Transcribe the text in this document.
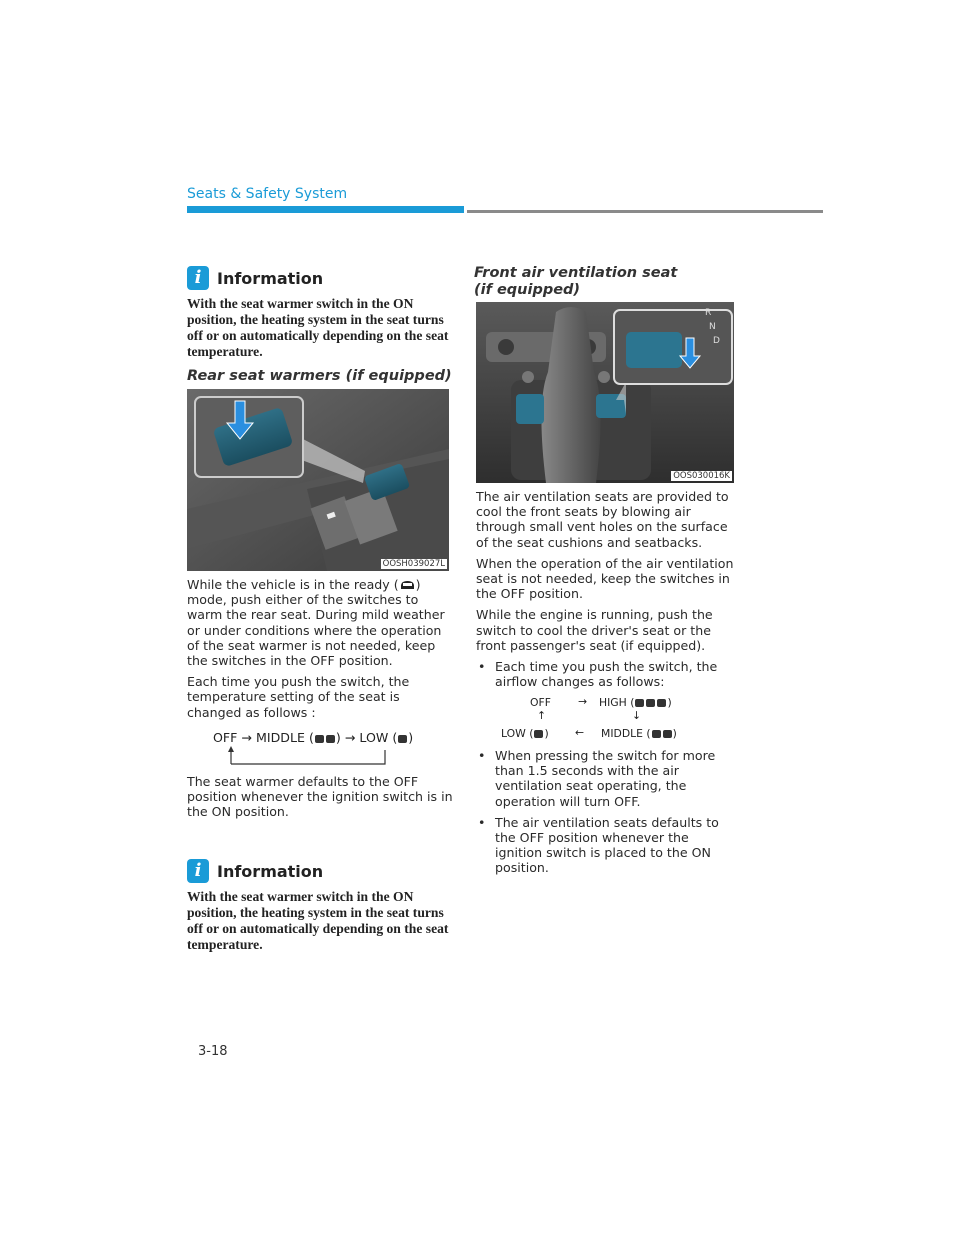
Seats & Safety System
i Information
With the seat warmer switch in the ON position, the heating system in the seat turns off or on automatically depending on the seat temperature.
Rear seat warmers (if equipped)
OOSH039027L

While the vehicle is in the ready ( ) mode, push either of the switches to warm the rear seat. During mild weather or under conditions where the operation of the seat warmer is not needed, keep the switches in the OFF position.

Each time you push the switch, the temperature setting of the seat is changed as follows :

OFF → MIDDLE ( ) → LOW ( )
The seat warmer defaults to the OFF position whenever the ignition switch is in the ON position.
i Information
With the seat warmer switch in the ON position, the heating system in the seat turns off or on automatically depending on the seat temperature.
Front air ventilation seat
(if equipped)
R
N
D
OOS030016K

The air ventilation seats are provided to cool the front seats by blowing air through small vent holes on the surface of the seat cushions and seatbacks.

When the operation of the air ventilation seat is not needed, keep the switches in the OFF position.

While the engine is running, push the switch to cool the driver's seat or the front passenger's seat (if equipped).

• Each time you push the switch, the airflow changes as follows:
OFF	→ HIGH (	)
↑	↓
LOW ( ) ← MIDDLE ( )
• When pressing the switch for more than 1.5 seconds with the air ventilation seat operating, the operation will turn OFF.
• The air ventilation seats defaults to the OFF position whenever the ignition switch is placed to the ON position.
3-18
